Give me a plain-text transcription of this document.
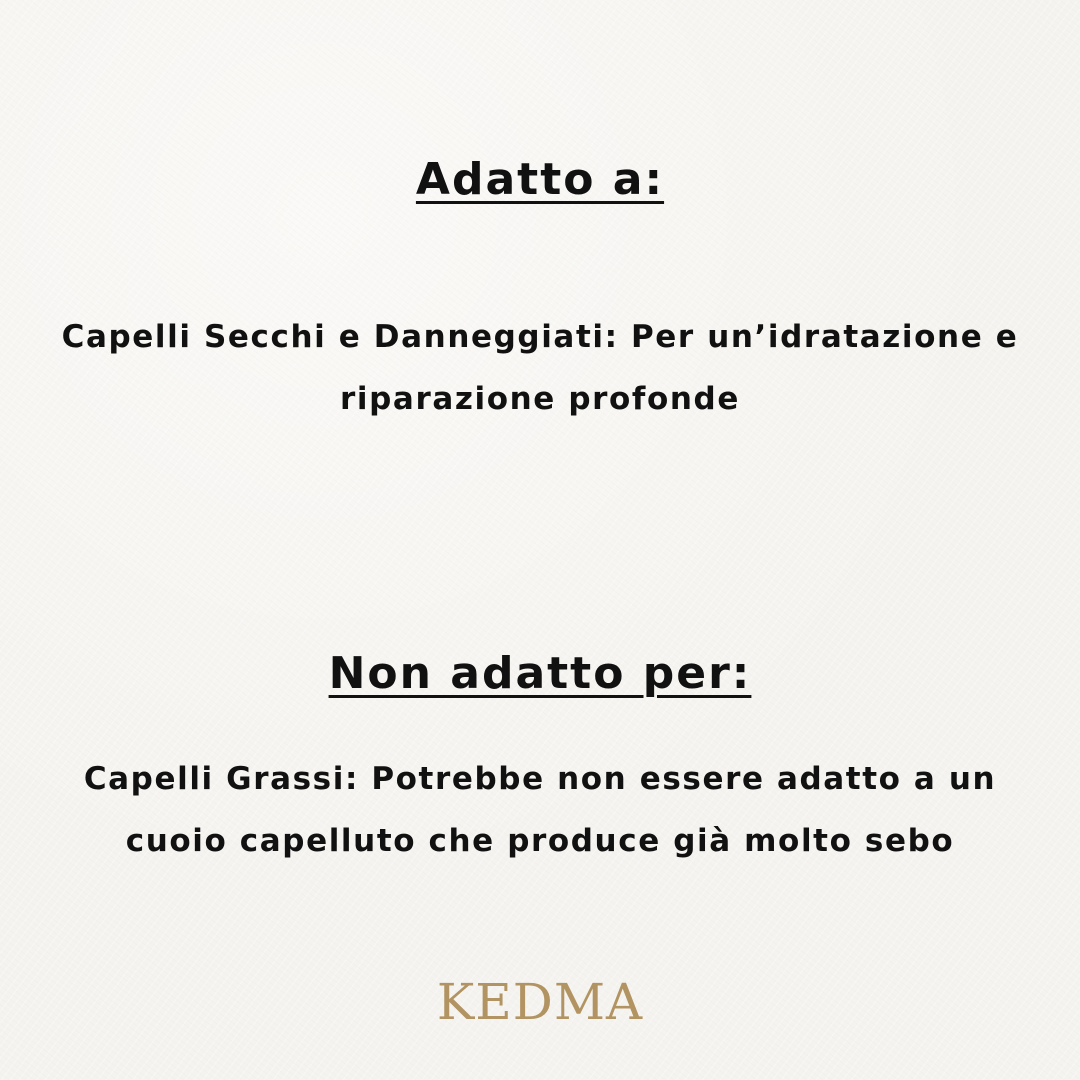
Adatto a:

Capelli Secchi e Danneggiati: Per un’idratazione e
riparazione profonde

Non adatto per:

Capelli Grassi: Potrebbe non essere adatto a un
cuoio capelluto che produce già molto sebo

KEDMA
